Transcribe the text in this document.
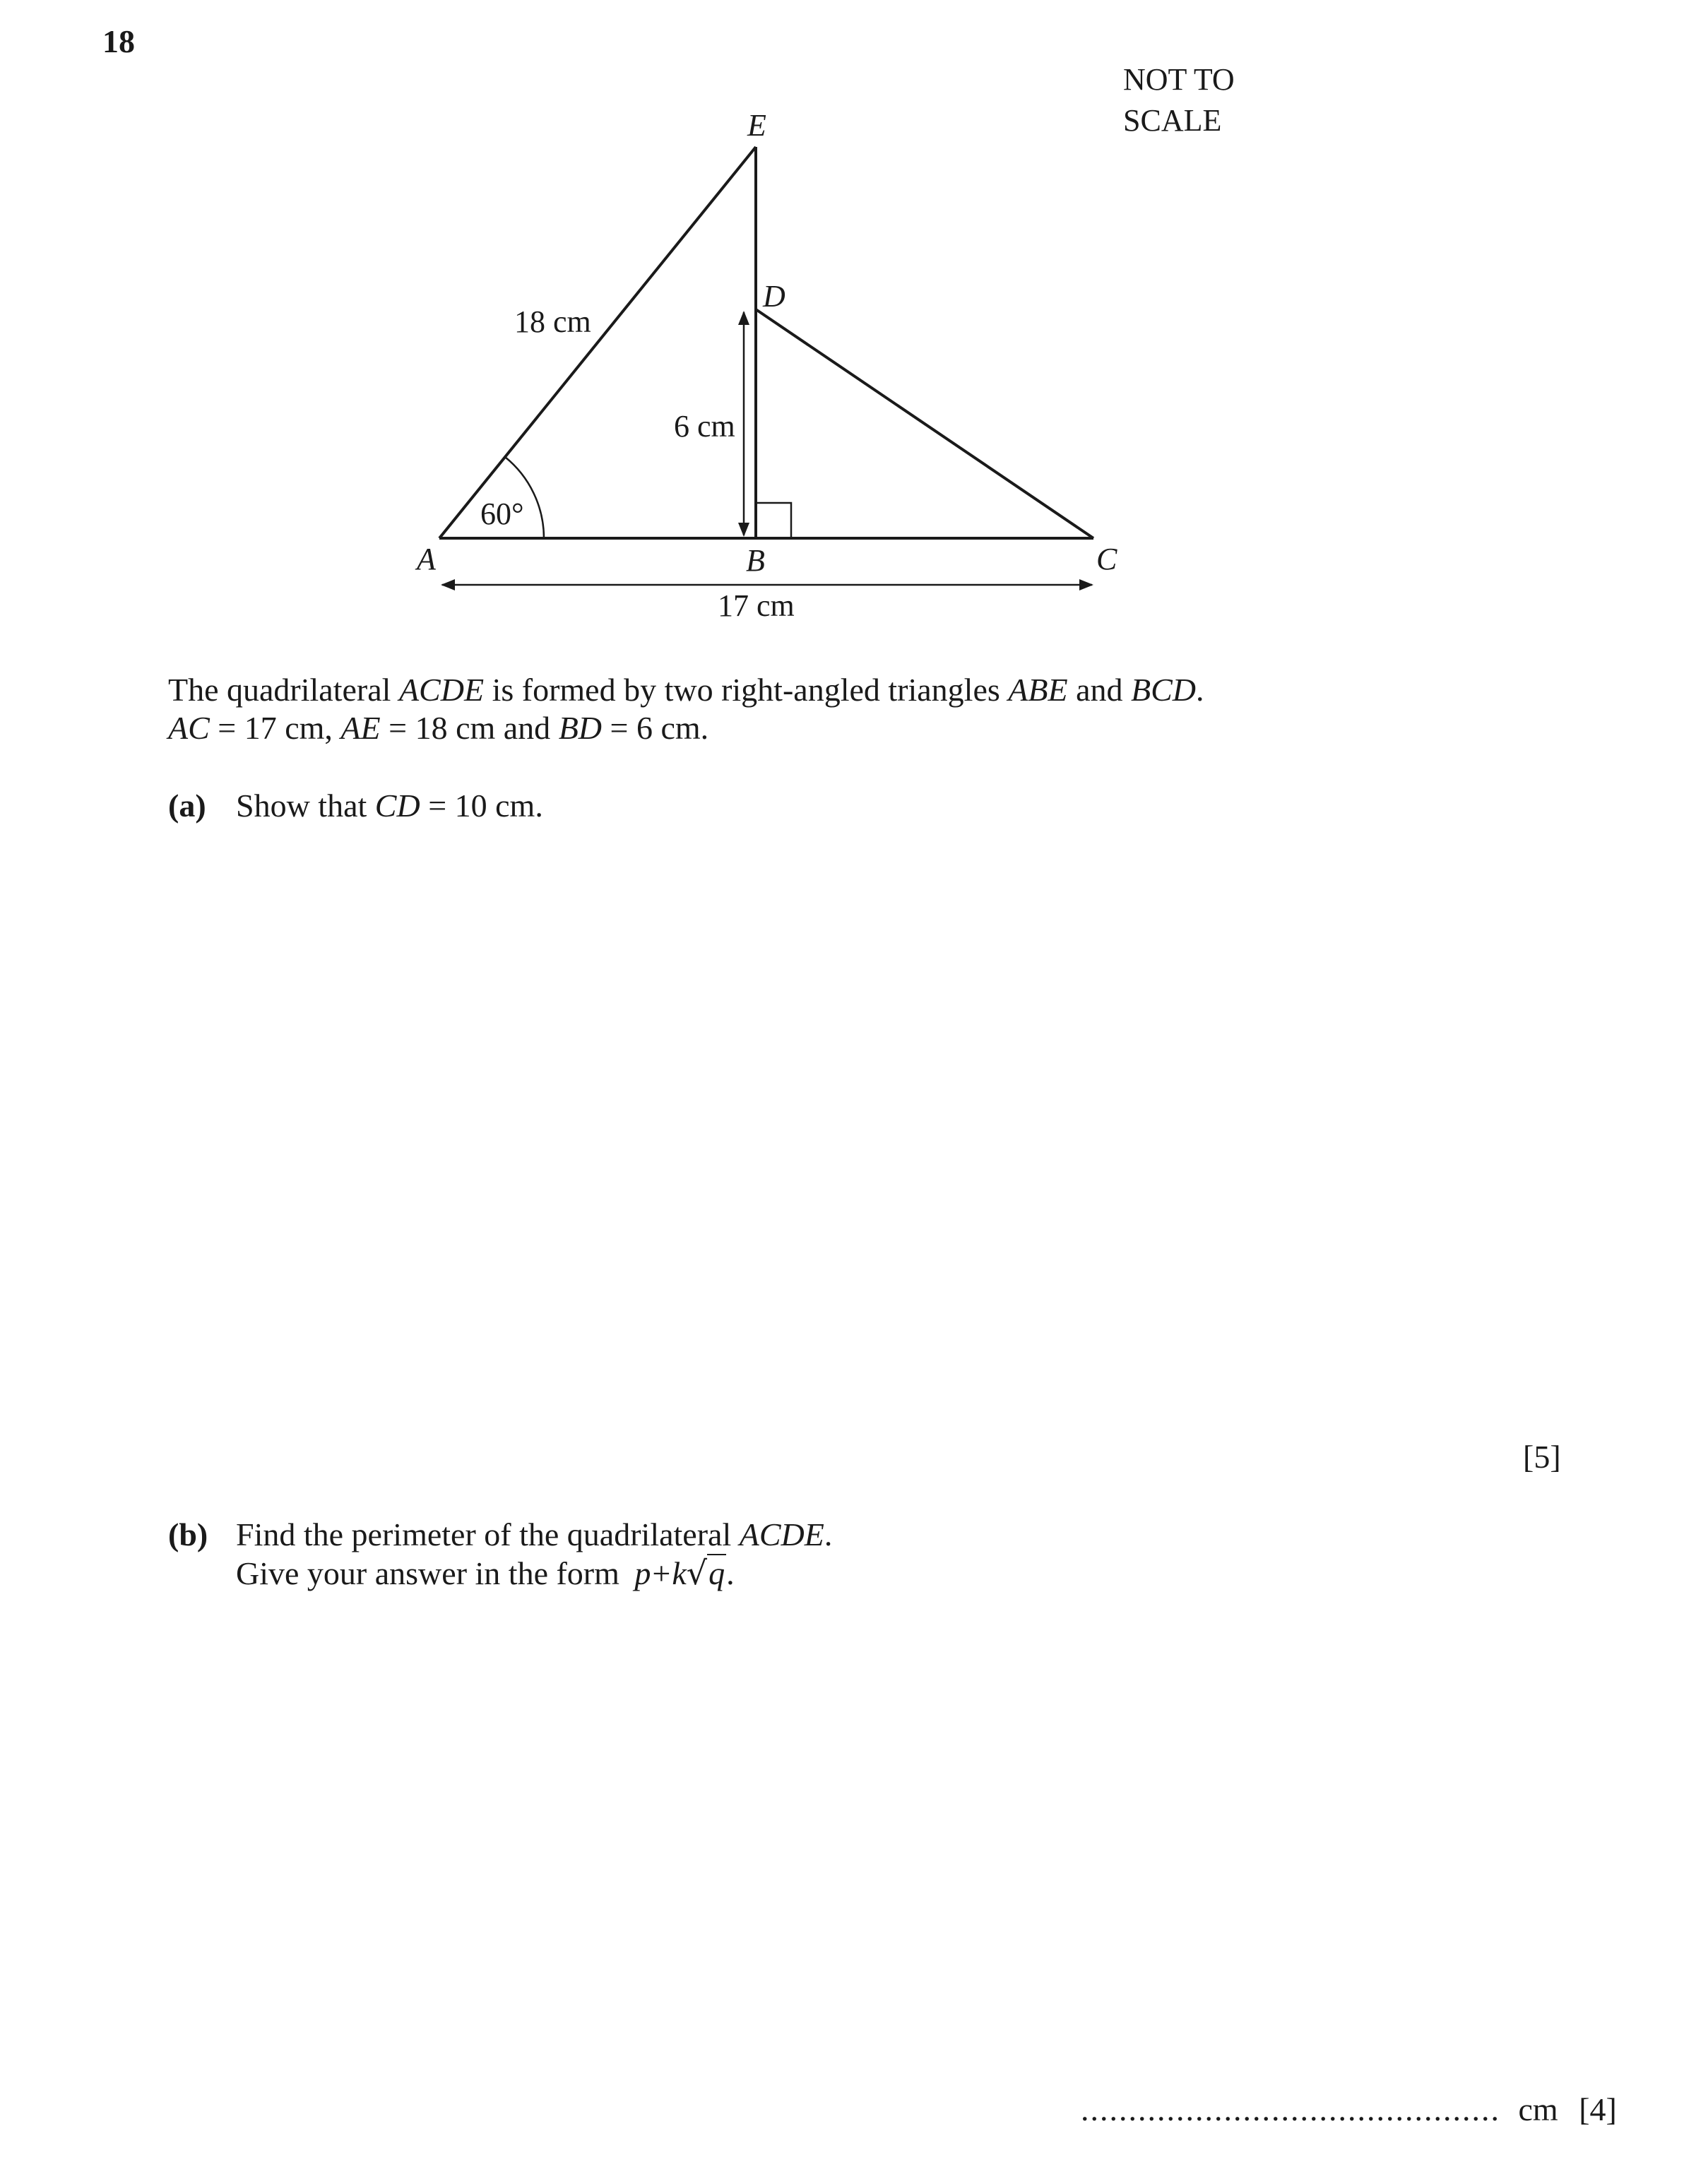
18
NOT TO
SCALE
E
D
A	B	C
18 cm
6 cm
17 cm
60°
The quadrilateral ACDE is formed by two right-angled triangles ABE and BCD.
AC = 17 cm, AE = 18 cm and BD = 6 cm.
(a) Show that CD = 10 cm.
[5]
(b) Find the perimeter of the quadrilateral ACDE.
Give your answer in the form p+k√q.
............................................ cm [4]
